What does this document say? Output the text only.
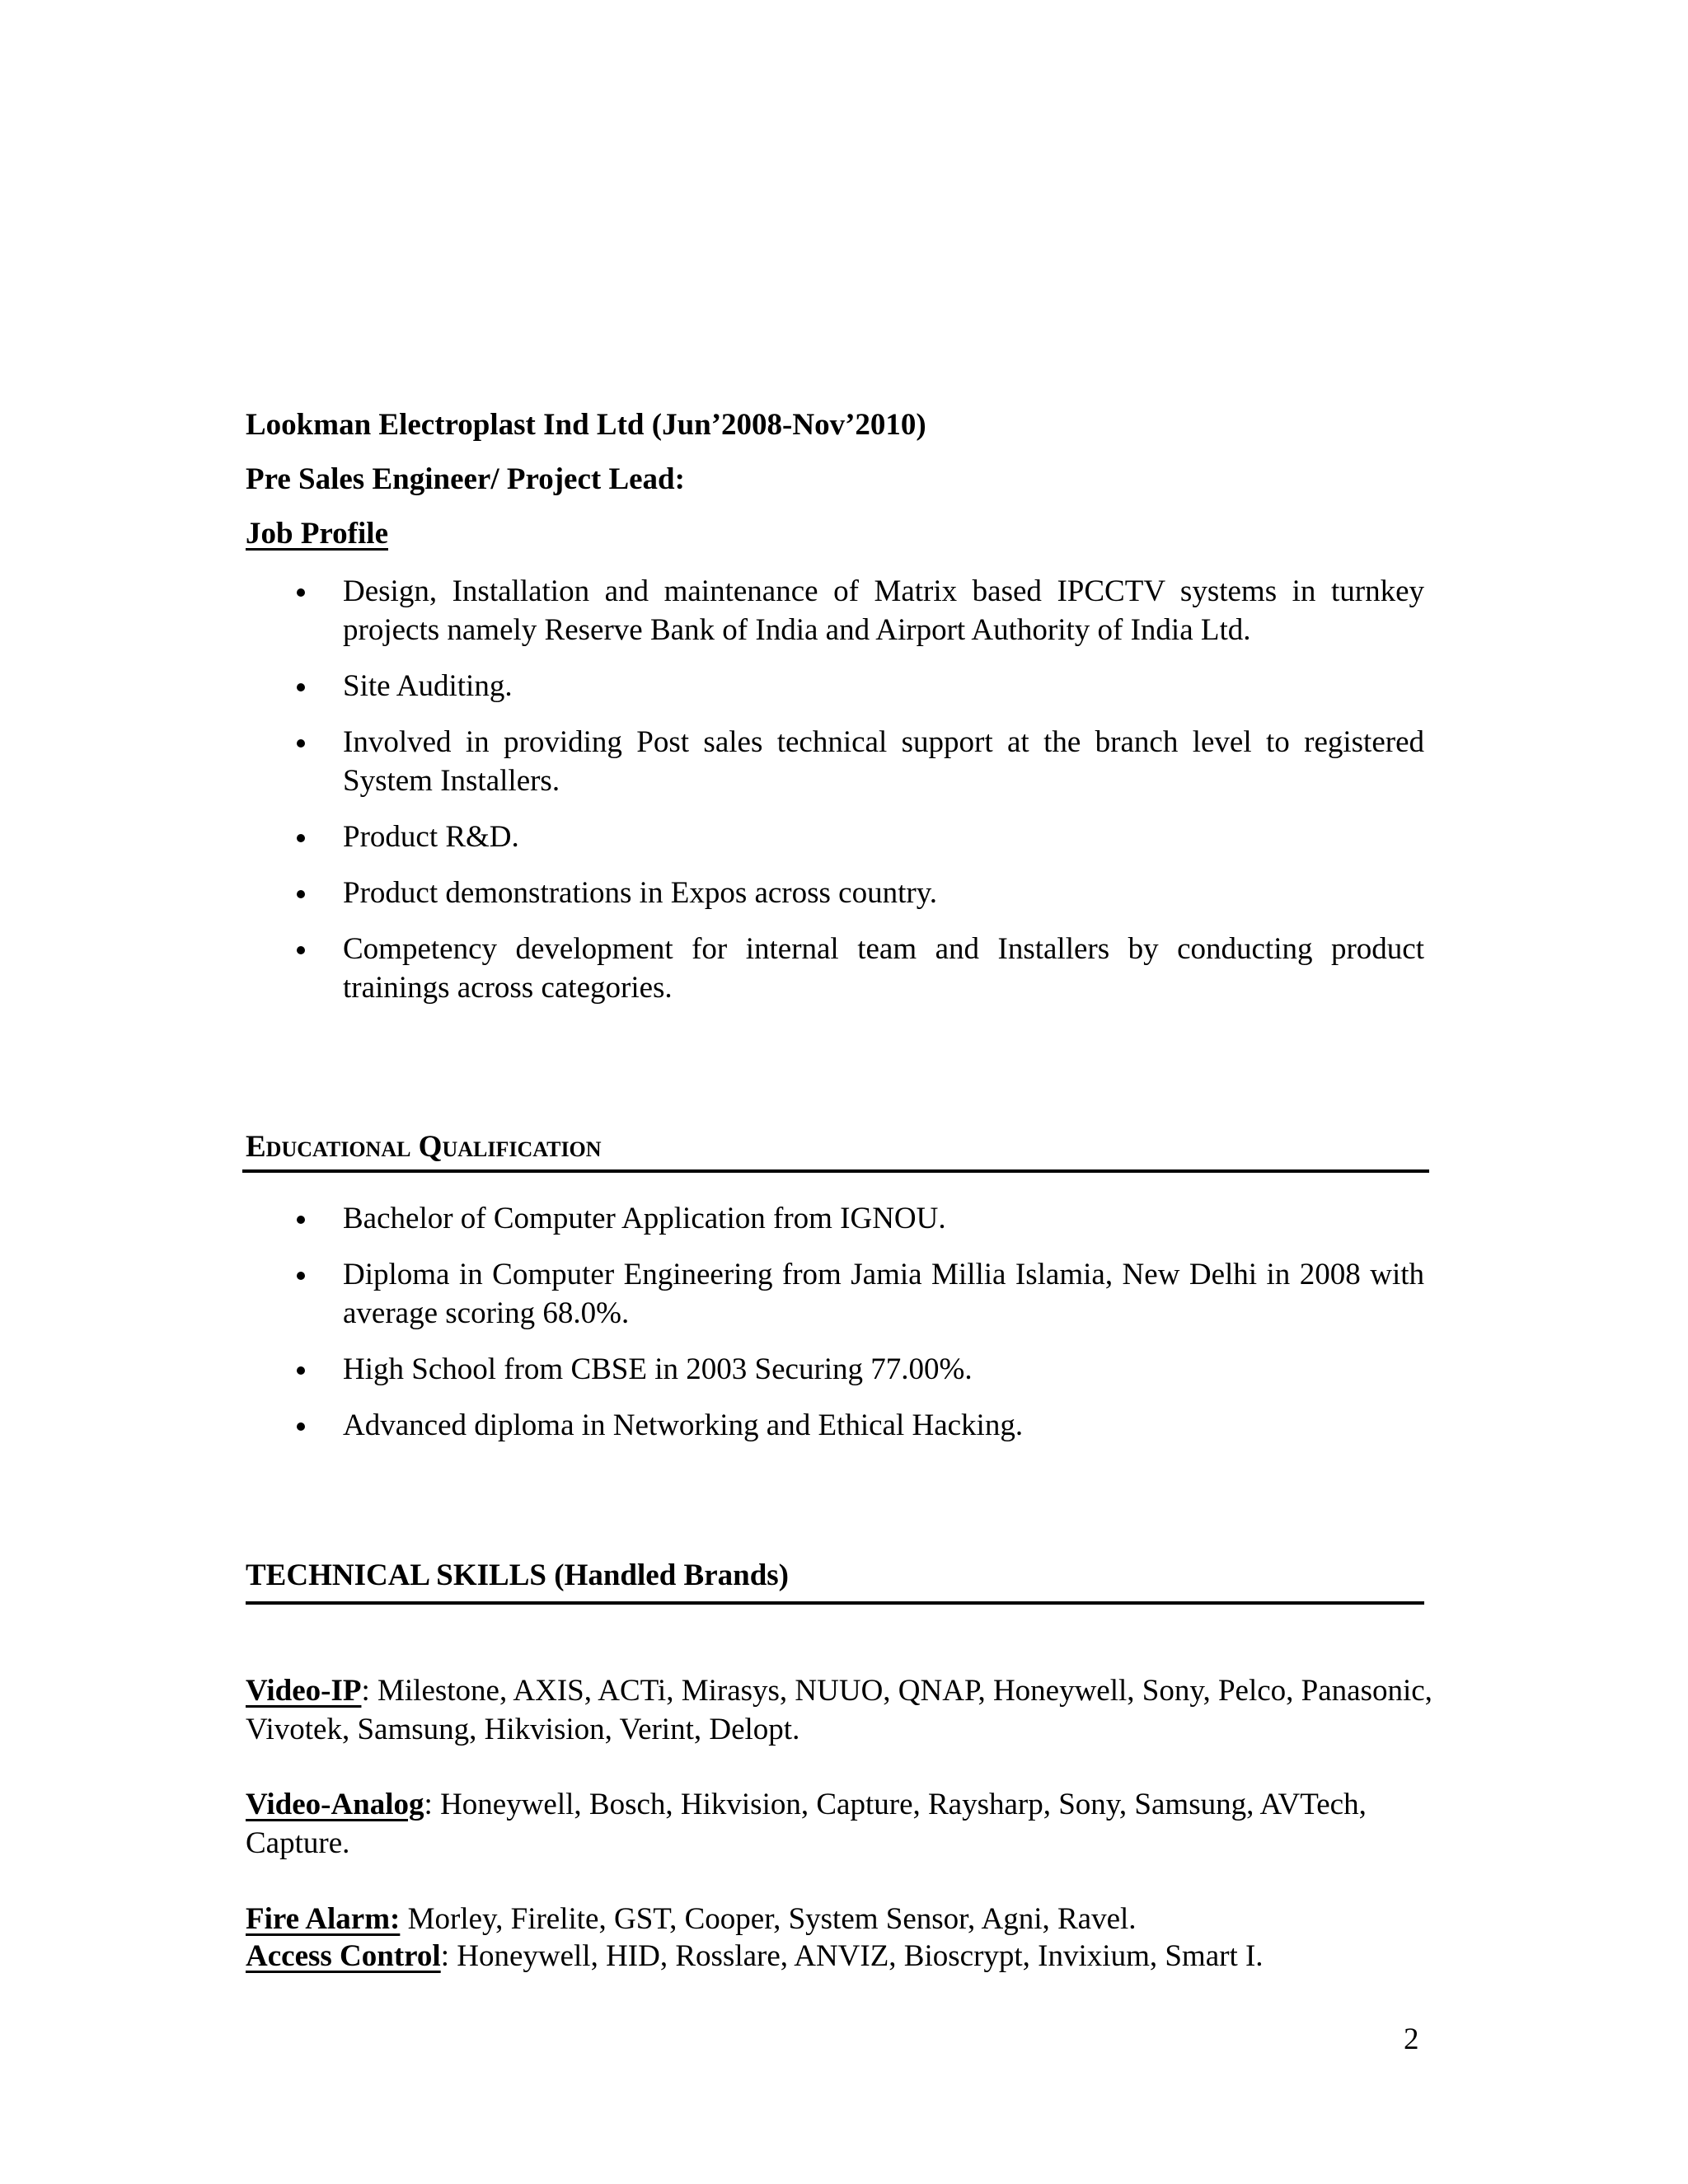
Lookman Electroplast Ind Ltd (Jun’2008-Nov’2010)
Pre Sales Engineer/ Project Lead:
Job Profile
Design, Installation and maintenance of Matrix based IPCCTV systems in turnkey projects namely Reserve Bank of India and Airport Authority of India Ltd.
Site Auditing.
Involved in providing Post sales technical support at the branch level to registered System Installers.
Product R&D.
Product demonstrations in Expos across country.
Competency development for internal team and Installers by conducting product trainings across categories.
Educational Qualification
Bachelor of Computer Application from IGNOU.
Diploma in Computer Engineering from Jamia Millia Islamia, New Delhi in 2008 with average scoring 68.0%.
High School from CBSE in 2003 Securing 77.00%.
Advanced diploma in Networking and Ethical Hacking.
TECHNICAL SKILLS (Handled Brands)
Video-IP: Milestone, AXIS, ACTi, Mirasys, NUUO, QNAP, Honeywell, Sony, Pelco, Panasonic, Vivotek, Samsung, Hikvision, Verint, Delopt.
Video-Analog: Honeywell, Bosch, Hikvision, Capture, Raysharp, Sony, Samsung, AVTech, Capture.
Fire Alarm: Morley, Firelite, GST, Cooper, System Sensor, Agni, Ravel.
Access Control: Honeywell, HID, Rosslare, ANVIZ, Bioscrypt, Invixium, Smart I.
2
